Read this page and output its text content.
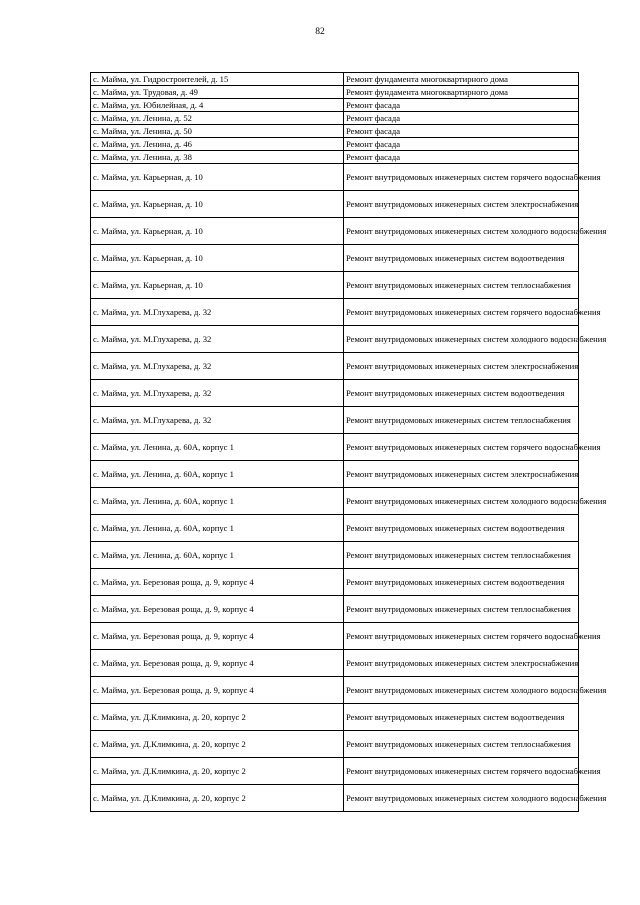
82
с. Майма, ул. Гидростроителей, д. 15	Ремонт фундамента многоквартирного дома
с. Майма, ул. Трудовая, д. 49	Ремонт фундамента многоквартирного дома
с. Майма, ул. Юбилейная, д. 4	Ремонт фасада
с. Майма, ул. Ленина, д. 52	Ремонт фасада
с. Майма, ул. Ленина, д. 50	Ремонт фасада
с. Майма, ул. Ленина, д. 46	Ремонт фасада
с. Майма, ул. Ленина, д. 38	Ремонт фасада
с. Майма, ул. Карьерная, д. 10	Ремонт внутридомовых инженерных систем горячего водоснабжения
с. Майма, ул. Карьерная, д. 10	Ремонт внутридомовых инженерных систем электроснабжения
с. Майма, ул. Карьерная, д. 10	Ремонт внутридомовых инженерных систем холодного водоснабжения
с. Майма, ул. Карьерная, д. 10	Ремонт внутридомовых инженерных систем водоотведения
с. Майма, ул. Карьерная, д. 10	Ремонт внутридомовых инженерных систем теплоснабжения
с. Майма, ул. М.Глухарева, д. 32	Ремонт внутридомовых инженерных систем горячего водоснабжения
с. Майма, ул. М.Глухарева, д. 32	Ремонт внутридомовых инженерных систем холодного водоснабжения
с. Майма, ул. М.Глухарева, д. 32	Ремонт внутридомовых инженерных систем электроснабжения
с. Майма, ул. М.Глухарева, д. 32	Ремонт внутридомовых инженерных систем водоотведения
с. Майма, ул. М.Глухарева, д. 32	Ремонт внутридомовых инженерных систем теплоснабжения
с. Майма, ул. Ленина, д. 60А, корпус 1	Ремонт внутридомовых инженерных систем горячего водоснабжения
с. Майма, ул. Ленина, д. 60А, корпус 1	Ремонт внутридомовых инженерных систем электроснабжения
с. Майма, ул. Ленина, д. 60А, корпус 1	Ремонт внутридомовых инженерных систем холодного водоснабжения
с. Майма, ул. Ленина, д. 60А, корпус 1	Ремонт внутридомовых инженерных систем водоотведения
с. Майма, ул. Ленина, д. 60А, корпус 1	Ремонт внутридомовых инженерных систем теплоснабжения
с. Майма, ул. Березовая роща, д. 9, корпус 4	Ремонт внутридомовых инженерных систем водоотведения
с. Майма, ул. Березовая роща, д. 9, корпус 4	Ремонт внутридомовых инженерных систем теплоснабжения
с. Майма, ул. Березовая роща, д. 9, корпус 4	Ремонт внутридомовых инженерных систем горячего водоснабжения
с. Майма, ул. Березовая роща, д. 9, корпус 4	Ремонт внутридомовых инженерных систем электроснабжения
с. Майма, ул. Березовая роща, д. 9, корпус 4	Ремонт внутридомовых инженерных систем холодного водоснабжения
с. Майма, ул. Д.Климкина, д. 20, корпус 2	Ремонт внутридомовых инженерных систем водоотведения
с. Майма, ул. Д.Климкина, д. 20, корпус 2	Ремонт внутридомовых инженерных систем теплоснабжения
с. Майма, ул. Д.Климкина, д. 20, корпус 2	Ремонт внутридомовых инженерных систем горячего водоснабжения
с. Майма, ул. Д.Климкина, д. 20, корпус 2	Ремонт внутридомовых инженерных систем холодного водоснабжения
